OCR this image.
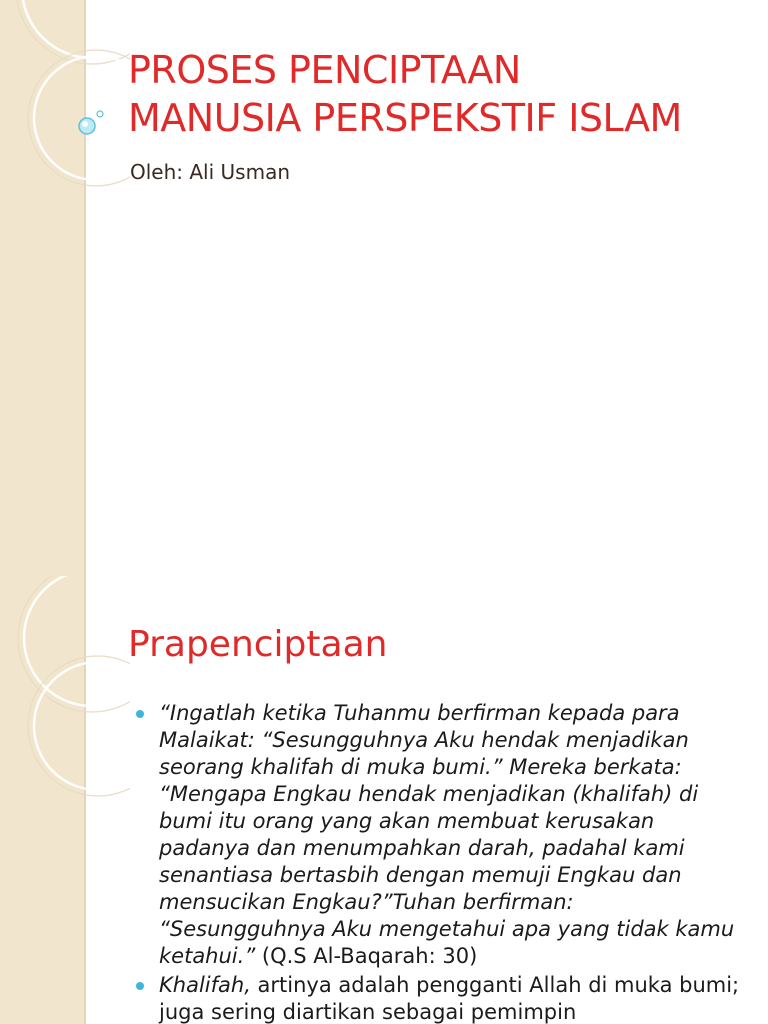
PROSES PENCIPTAAN
MANUSIA PERSPEKSTIF ISLAM
Oleh: Ali Usman
Prapenciptaan
“Ingatlah ketika Tuhanmu berfirman kepada para Malaikat: “Sesungguhnya Aku hendak menjadikan seorang khalifah di muka bumi.” Mereka berkata: “Mengapa Engkau hendak menjadikan (khalifah) di bumi itu orang yang akan membuat kerusakan padanya dan menumpahkan darah, padahal kami senantiasa bertasbih dengan memuji Engkau dan mensucikan Engkau?”Tuhan berfirman: “Sesungguhnya Aku mengetahui apa yang tidak kamu ketahui.” (Q.S Al-Baqarah: 30)
Khalifah, artinya adalah pengganti Allah di muka bumi; juga sering diartikan sebagai pemimpin
